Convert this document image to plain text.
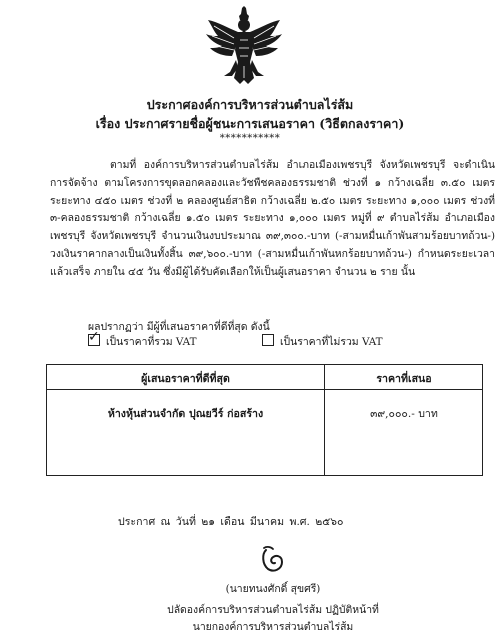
ประกาศองค์การบริหารส่วนตำบลไร่ส้ม
เรื่อง ประกาศรายชื่อผู้ชนะการเสนอราคา (วิธีตกลงราคา)
***********

ตามที่ องค์การบริหารส่วนตำบลไร่ส้ม อำเภอเมืองเพชรบุรี จังหวัดเพชรบุรี จะดำเนินการจัดจ้าง ตามโครงการขุดลอกคลองและวัชพืชคลองธรรมชาติ ช่วงที่ ๑ กว้างเฉลี่ย ๓.๕๐ เมตร ระยะทาง ๔๕๐ เมตร ช่วงที่ ๒ คลองศูนย์สาธิต กว้างเฉลี่ย ๒.๕๐ เมตร ระยะทาง ๑,๐๐๐ เมตร ช่วงที่ ๓-คลองธรรมชาติ กว้างเฉลี่ย ๑.๕๐ เมตร ระยะทาง ๑,๐๐๐ เมตร หมู่ที่ ๙ ตำบลไร่ส้ม อำเภอเมืองเพชรบุรี จังหวัดเพชรบุรี จำนวนเงินงบประมาณ ๓๙,๓๐๐.-บาท (-สามหมื่นเก้าพันสามร้อยบาทถ้วน-) วงเงินราคากลางเป็นเงินทั้งสิ้น ๓๙,๖๐๐.-บาท (-สามหมื่นเก้าพันหกร้อยบาทถ้วน-) กำหนดระยะเวลาแล้วเสร็จ ภายใน ๔๕ วัน ซึ่งมีผู้ได้รับคัดเลือกให้เป็นผู้เสนอราคา จำนวน ๒ ราย นั้น

ผลปรากฏว่า มีผู้ที่เสนอราคาที่ดีที่สุด ดังนี้
✓ เป็นราคาที่รวม VAT	เป็นราคาที่ไม่รวม VAT
ผู้เสนอราคาที่ดีที่สุด	ราคาที่เสนอ
ห้างหุ้นส่วนจำกัด ปุณยวีร์ ก่อสร้าง	๓๙,๐๐๐.- บาท
ประกาศ ณ วันที่ ๒๑ เดือน มีนาคม พ.ศ. ๒๕๖๐
(นายทนงศักดิ์ สุขศรี)
ปลัดองค์การบริหารส่วนตำบลไร่ส้ม ปฏิบัติหน้าที่
นายกองค์การบริหารส่วนตำบลไร่ส้ม
